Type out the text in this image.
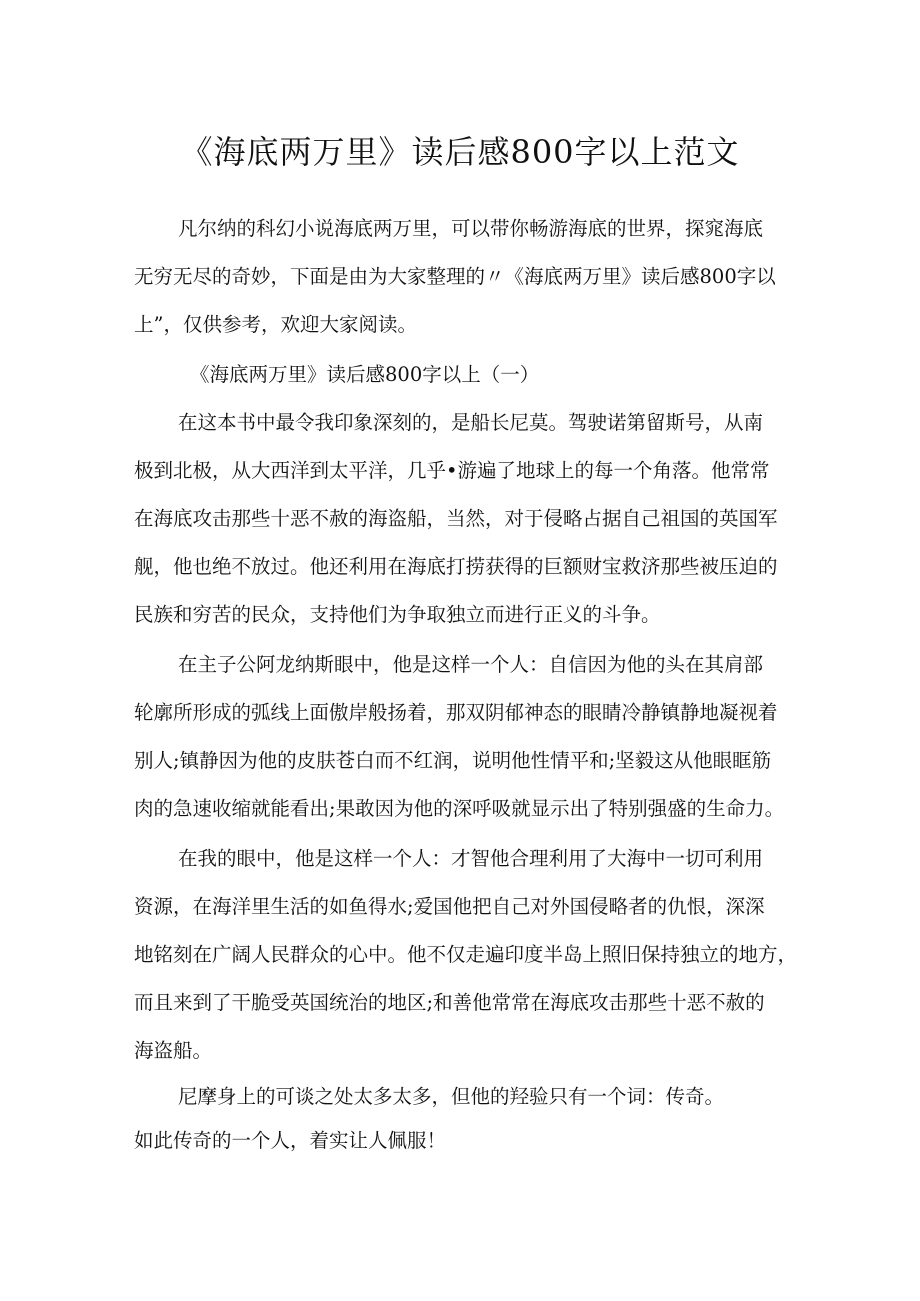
《海底两万里》读后感800字以上范文

凡尔纳的科幻小说海底两万里，可以带你畅游海底的世界，探窕海底

无穷无尽的奇妙，下面是由为大家整理的〃《海底两万里》读后感800字以

上”，仅供参考，欢迎大家阅读。

《海底两万里》读后感800字以上（一）

在这本书中最令我印象深刻的，是船长尼莫。驾驶诺第留斯号，从南

极到北极，从大西洋到太平洋，几乎•游遍了地球上的每一个角落。他常常

在海底攻击那些十恶不赦的海盗船，当然，对于侵略占据自己祖国的英国军

舰，他也绝不放过。他还利用在海底打捞获得的巨额财宝救济那些被压迫的

民族和穷苦的民众，支持他们为争取独立而进行正义的斗争。

在主子公阿龙纳斯眼中，他是这样一个人：自信因为他的头在其肩部

轮廓所形成的弧线上面傲岸般扬着，那双阴郁神态的眼睛冷静镇静地凝视着

别人;镇静因为他的皮肤苍白而不红润，说明他性情平和;坚毅这从他眼眶筋

肉的急速收缩就能看出;果敢因为他的深呼吸就显示出了特别强盛的生命力。

在我的眼中，他是这样一个人：才智他合理利用了大海中一切可利用

资源，在海洋里生活的如鱼得水;爱国他把自己对外国侵略者的仇恨，深深

地铭刻在广阔人民群众的心中。他不仅走遍印度半岛上照旧保持独立的地方，

而且来到了干脆受英国统治的地区;和善他常常在海底攻击那些十恶不赦的

海盗船。

尼摩身上的可谈之处太多太多，但他的羟验只有一个词：传奇。

如此传奇的一个人，着实让人佩服！
